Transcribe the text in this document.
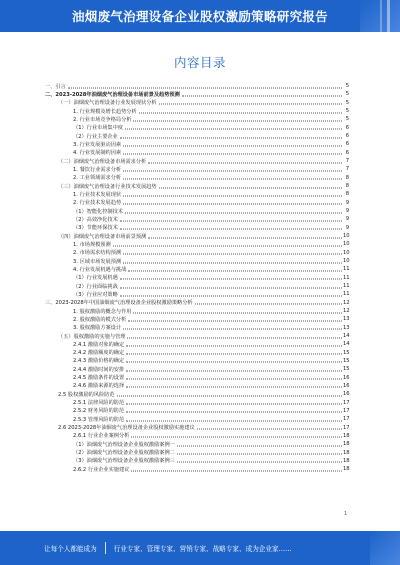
油烟废气治理设备企业股权激励策略研究报告
内容目录
一、引言	5
二、2023-2028年油烟废气治理设备市场前景及趋势预测	5
（一）油烟废气治理设备行业发展现状分析	5
1. 行业规模及增长趋势分析	5
2. 行业市场竞争格局分析	5
（1）行业市场集中度	6
（2）行业主要企业	6
3. 行业发展驱动因素	6
4. 行业发展制约因素	6
（二）油烟废气治理设备市场需求分析	7
1. 餐饮行业需求分析	7
2. 工业领域需求分析	8
（三）油烟废气治理设备行业技术发展趋势	8
1. 行业技术发展现状	8
2. 行业技术发展趋势	9
（1）智能化控制技术	9
（2）高效净化技术	9
（3）节能环保技术	9
（四）油烟废气治理设备市场前景预测	10
1. 市场规模预测	10
2. 市场需求结构预测	10
3. 区域市场发展预测	10
4. 行业发展机遇与挑战	11
（1）行业发展机遇	11
（2）行业面临挑战	11
（3）行业应对策略	11
三、2023-2028年中国油烟废气治理设备企业股权激励策略分析	12
1. 股权激励的概念与作用	12
2. 股权激励的模式分析	13
3. 股权激励方案设计	13
（五）股权激励的实施与管理	14
2.4.1 激励对象的确定	14
2.4.2 激励额度的确定	15
2.4.3 激励价格的确定	15
2.4.4 激励时间的安排	15
2.4.5 激励条件的设置	16
2.4.6 激励来源的选择	16
2.5 股权激励的风险防范	16
2.5.1 法律风险的防范	17
2.5.2 财务风险的防范	17
2.5.3 管理风险的防范	17
2.6 2023-2028年油烟废气治理设备企业股权激励实施建议	17
2.6.1 行业企业案例分析	18
（1）油烟废气治理设备企业股权激励案例一	18
（2）油烟废气治理设备企业股权激励案例二	18
（3）油烟废气治理设备企业股权激励案例三	18
2.6.2 行业企业实施建议	18
1
让每个人都能成为	行业专家、管理专家、营销专家、战略专家、成为企业家……
